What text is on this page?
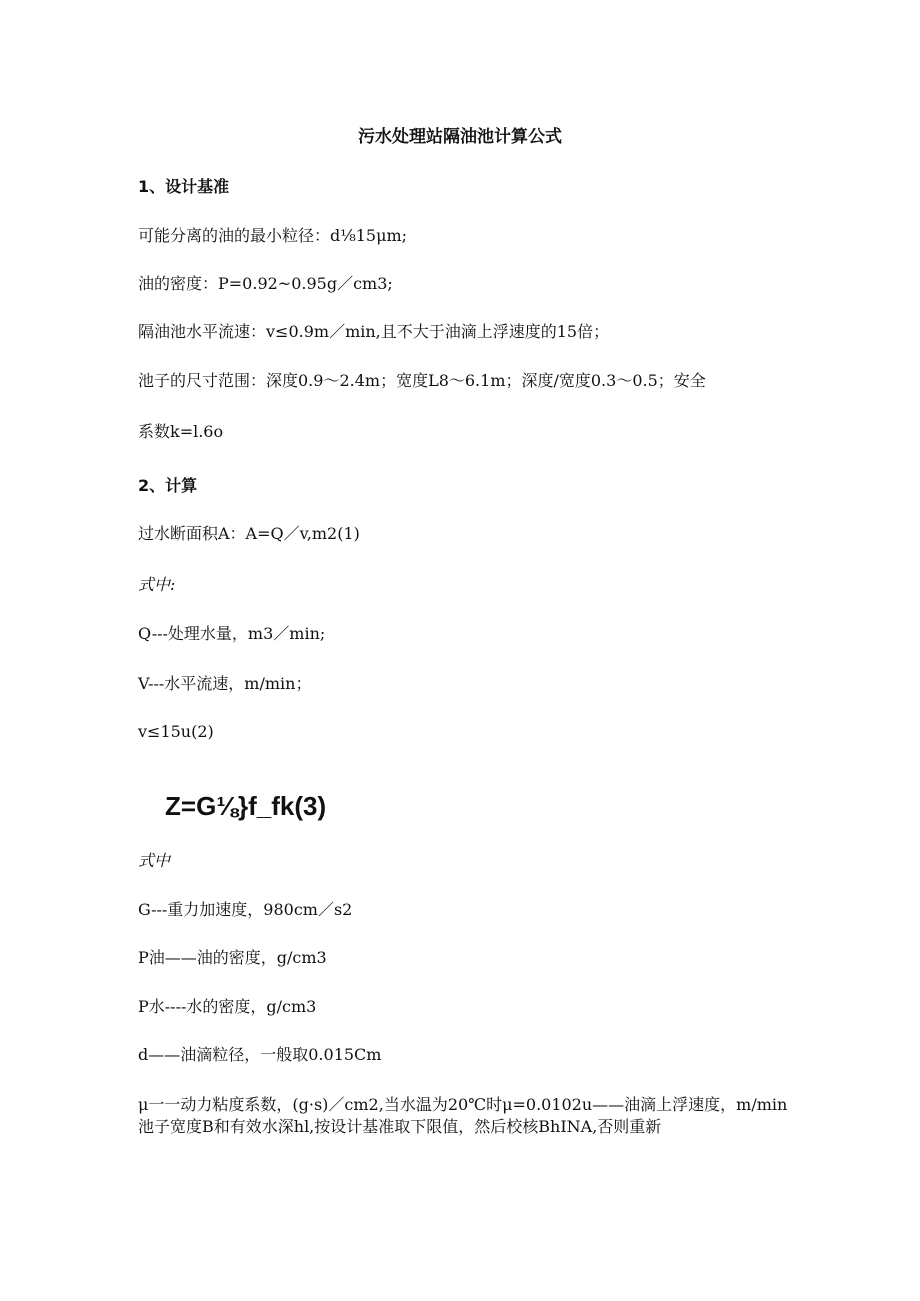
污水处理站隔油池计算公式
1、设计基准
可能分离的油的最小粒径：d⅛15μm;
油的密度：P=0.92~0.95g／cm3;
隔油池水平流速：v≤0.9m／min,且不大于油滴上浮速度的15倍；
池子的尺寸范围：深度0.9～2.4m；宽度L8～6.1m；深度/宽度0.3～0.5；安全
系数k=l.6o
2、计算
过水断面积A：A=Q／v,m2(1)
式中:
Q---处理水量，m3／min;
V---水平流速，m/min；
v≤15u(2)
Z=G⅛}f_fk(3)
式中
G---重力加速度，980cm／s2
P油——油的密度，g/cm3
P水----水的密度，g/cm3
d——油滴粒径，一般取0.015Cm
μ一一动力粘度系数，(g·s)／cm2,当水温为20℃时μ=0.0102u——油滴上浮速度，m/min池子宽度B和有效水深hl,按设计基准取下限值，然后校核BhINA,否则重新
